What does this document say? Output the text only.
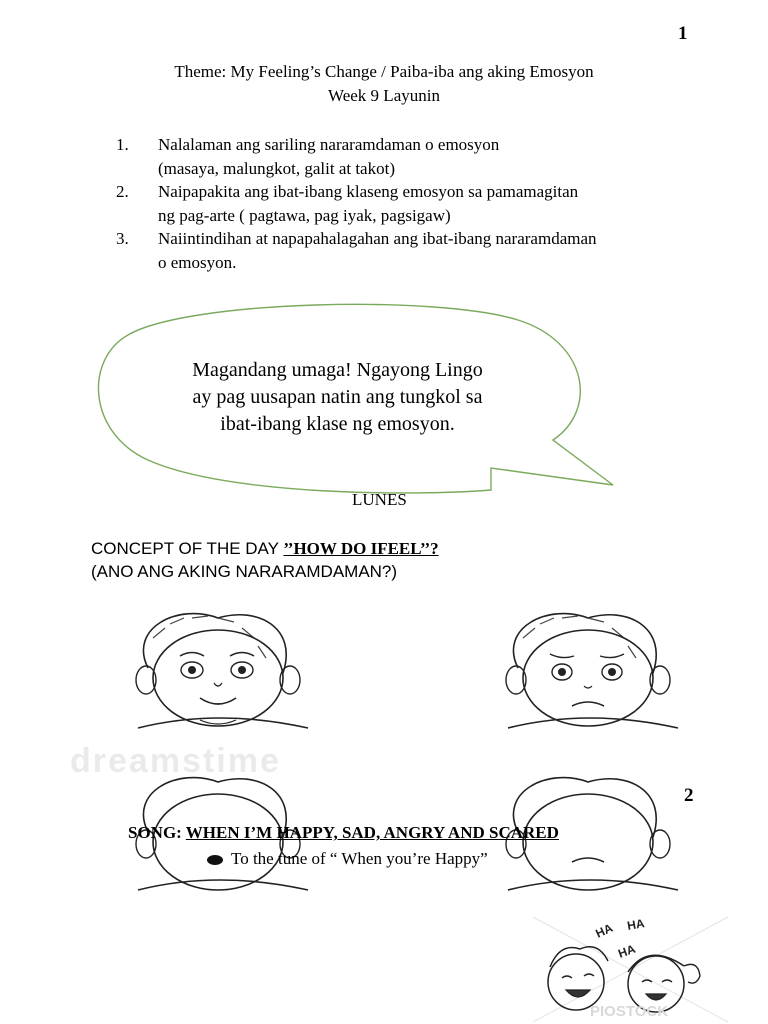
1
2
Theme: My Feeling’s Change / Paiba-iba ang aking Emosyon
Week 9 Layunin
1. Nalalaman ang sariling nararamdaman o emosyon
(masaya, malungkot, galit at takot)
2. Naipapakita ang ibat-ibang klaseng emosyon sa pamamagitan
ng pag-arte ( pagtawa, pag iyak, pagsigaw)
3. Naiintindihan at napapahalagahan ang ibat-ibang nararamdaman
o emosyon.
Magandang umaga! Ngayong Lingo
ay pag uusapan natin ang tungkol sa
ibat-ibang klase ng emosyon.
LUNES
CONCEPT OF THE DAY ’’HOW DO IFEEL’’?
(ANO ANG AKING NARARAMDAMAN?)
dreamstime
SONG: WHEN I’M HAPPY, SAD, ANGRY AND SCARED
To the tune of “ When you’re Happy”
HA HA
HA
PIOSTOCK
